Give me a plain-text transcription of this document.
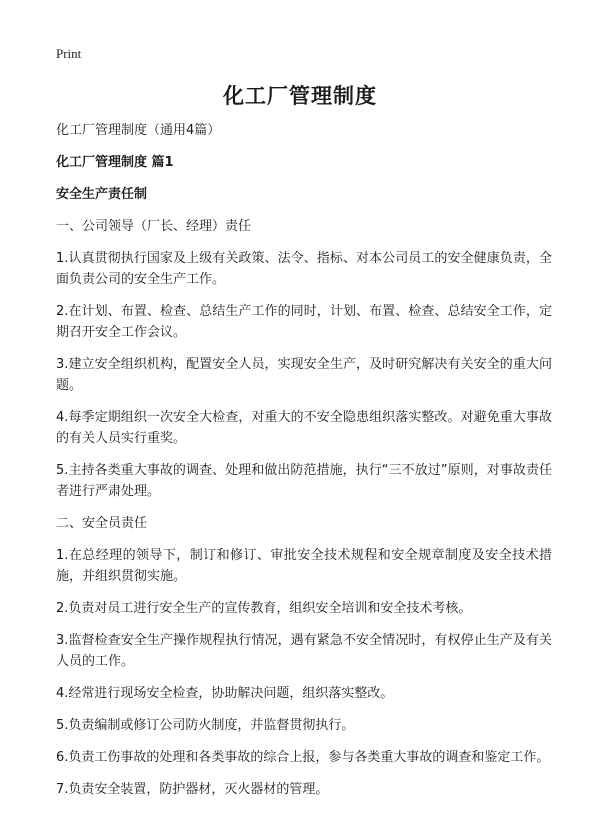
Print
化工厂管理制度
化工厂管理制度（通用4篇）
化工厂管理制度 篇1
安全生产责任制
一、公司领导（厂长、经理）责任
1.认真贯彻执行国家及上级有关政策、法令、指标、对本公司员工的安全健康负责，全面负责公司的安全生产工作。
2.在计划、布置、检查、总结生产工作的同时，计划、布置、检查、总结安全工作，定期召开安全工作会议。
3.建立安全组织机构，配置安全人员，实现安全生产，及时研究解决有关安全的重大问题。
4.每季定期组织一次安全大检查，对重大的不安全隐患组织落实整改。对避免重大事故的有关人员实行重奖。
5.主持各类重大事故的调查、处理和做出防范措施，执行“三不放过”原则，对事故责任者进行严肃处理。
二、安全员责任
1.在总经理的领导下，制订和修订、审批安全技术规程和安全规章制度及安全技术措施，并组织贯彻实施。
2.负责对员工进行安全生产的宣传教育，组织安全培训和安全技术考核。
3.监督检查安全生产操作规程执行情况，遇有紧急不安全情况时，有权停止生产及有关人员的工作。
4.经常进行现场安全检查，协助解决问题，组织落实整改。
5.负责编制或修订公司防火制度，并监督贯彻执行。
6.负责工伤事故的处理和各类事故的综合上报，参与各类重大事故的调查和鉴定工作。
7.负责安全装置，防护器材，灭火器材的管理。
